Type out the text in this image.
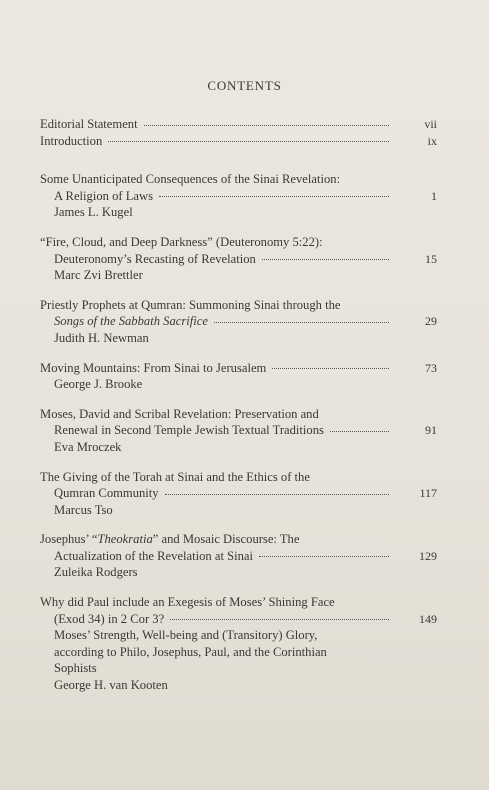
CONTENTS
Editorial Statement	vii
Introduction	ix
Some Unanticipated Consequences of the Sinai Revelation:
A Religion of Laws	1
James L. Kugel
“Fire, Cloud, and Deep Darkness” (Deuteronomy 5:22):
Deuteronomy’s Recasting of Revelation	15
Marc Zvi Brettler
Priestly Prophets at Qumran: Summoning Sinai through the
Songs of the Sabbath Sacrifice	29
Judith H. Newman
Moving Mountains: From Sinai to Jerusalem	73
George J. Brooke
Moses, David and Scribal Revelation: Preservation and
Renewal in Second Temple Jewish Textual Traditions	91
Eva Mroczek
The Giving of the Torah at Sinai and the Ethics of the
Qumran Community	117
Marcus Tso
Josephus’ “Theokratia” and Mosaic Discourse: The
Actualization of the Revelation at Sinai	129
Zuleika Rodgers
Why did Paul include an Exegesis of Moses’ Shining Face
(Exod 34) in 2 Cor 3?	149
Moses’ Strength, Well-being and (Transitory) Glory,
according to Philo, Josephus, Paul, and the Corinthian
Sophists
George H. van Kooten
